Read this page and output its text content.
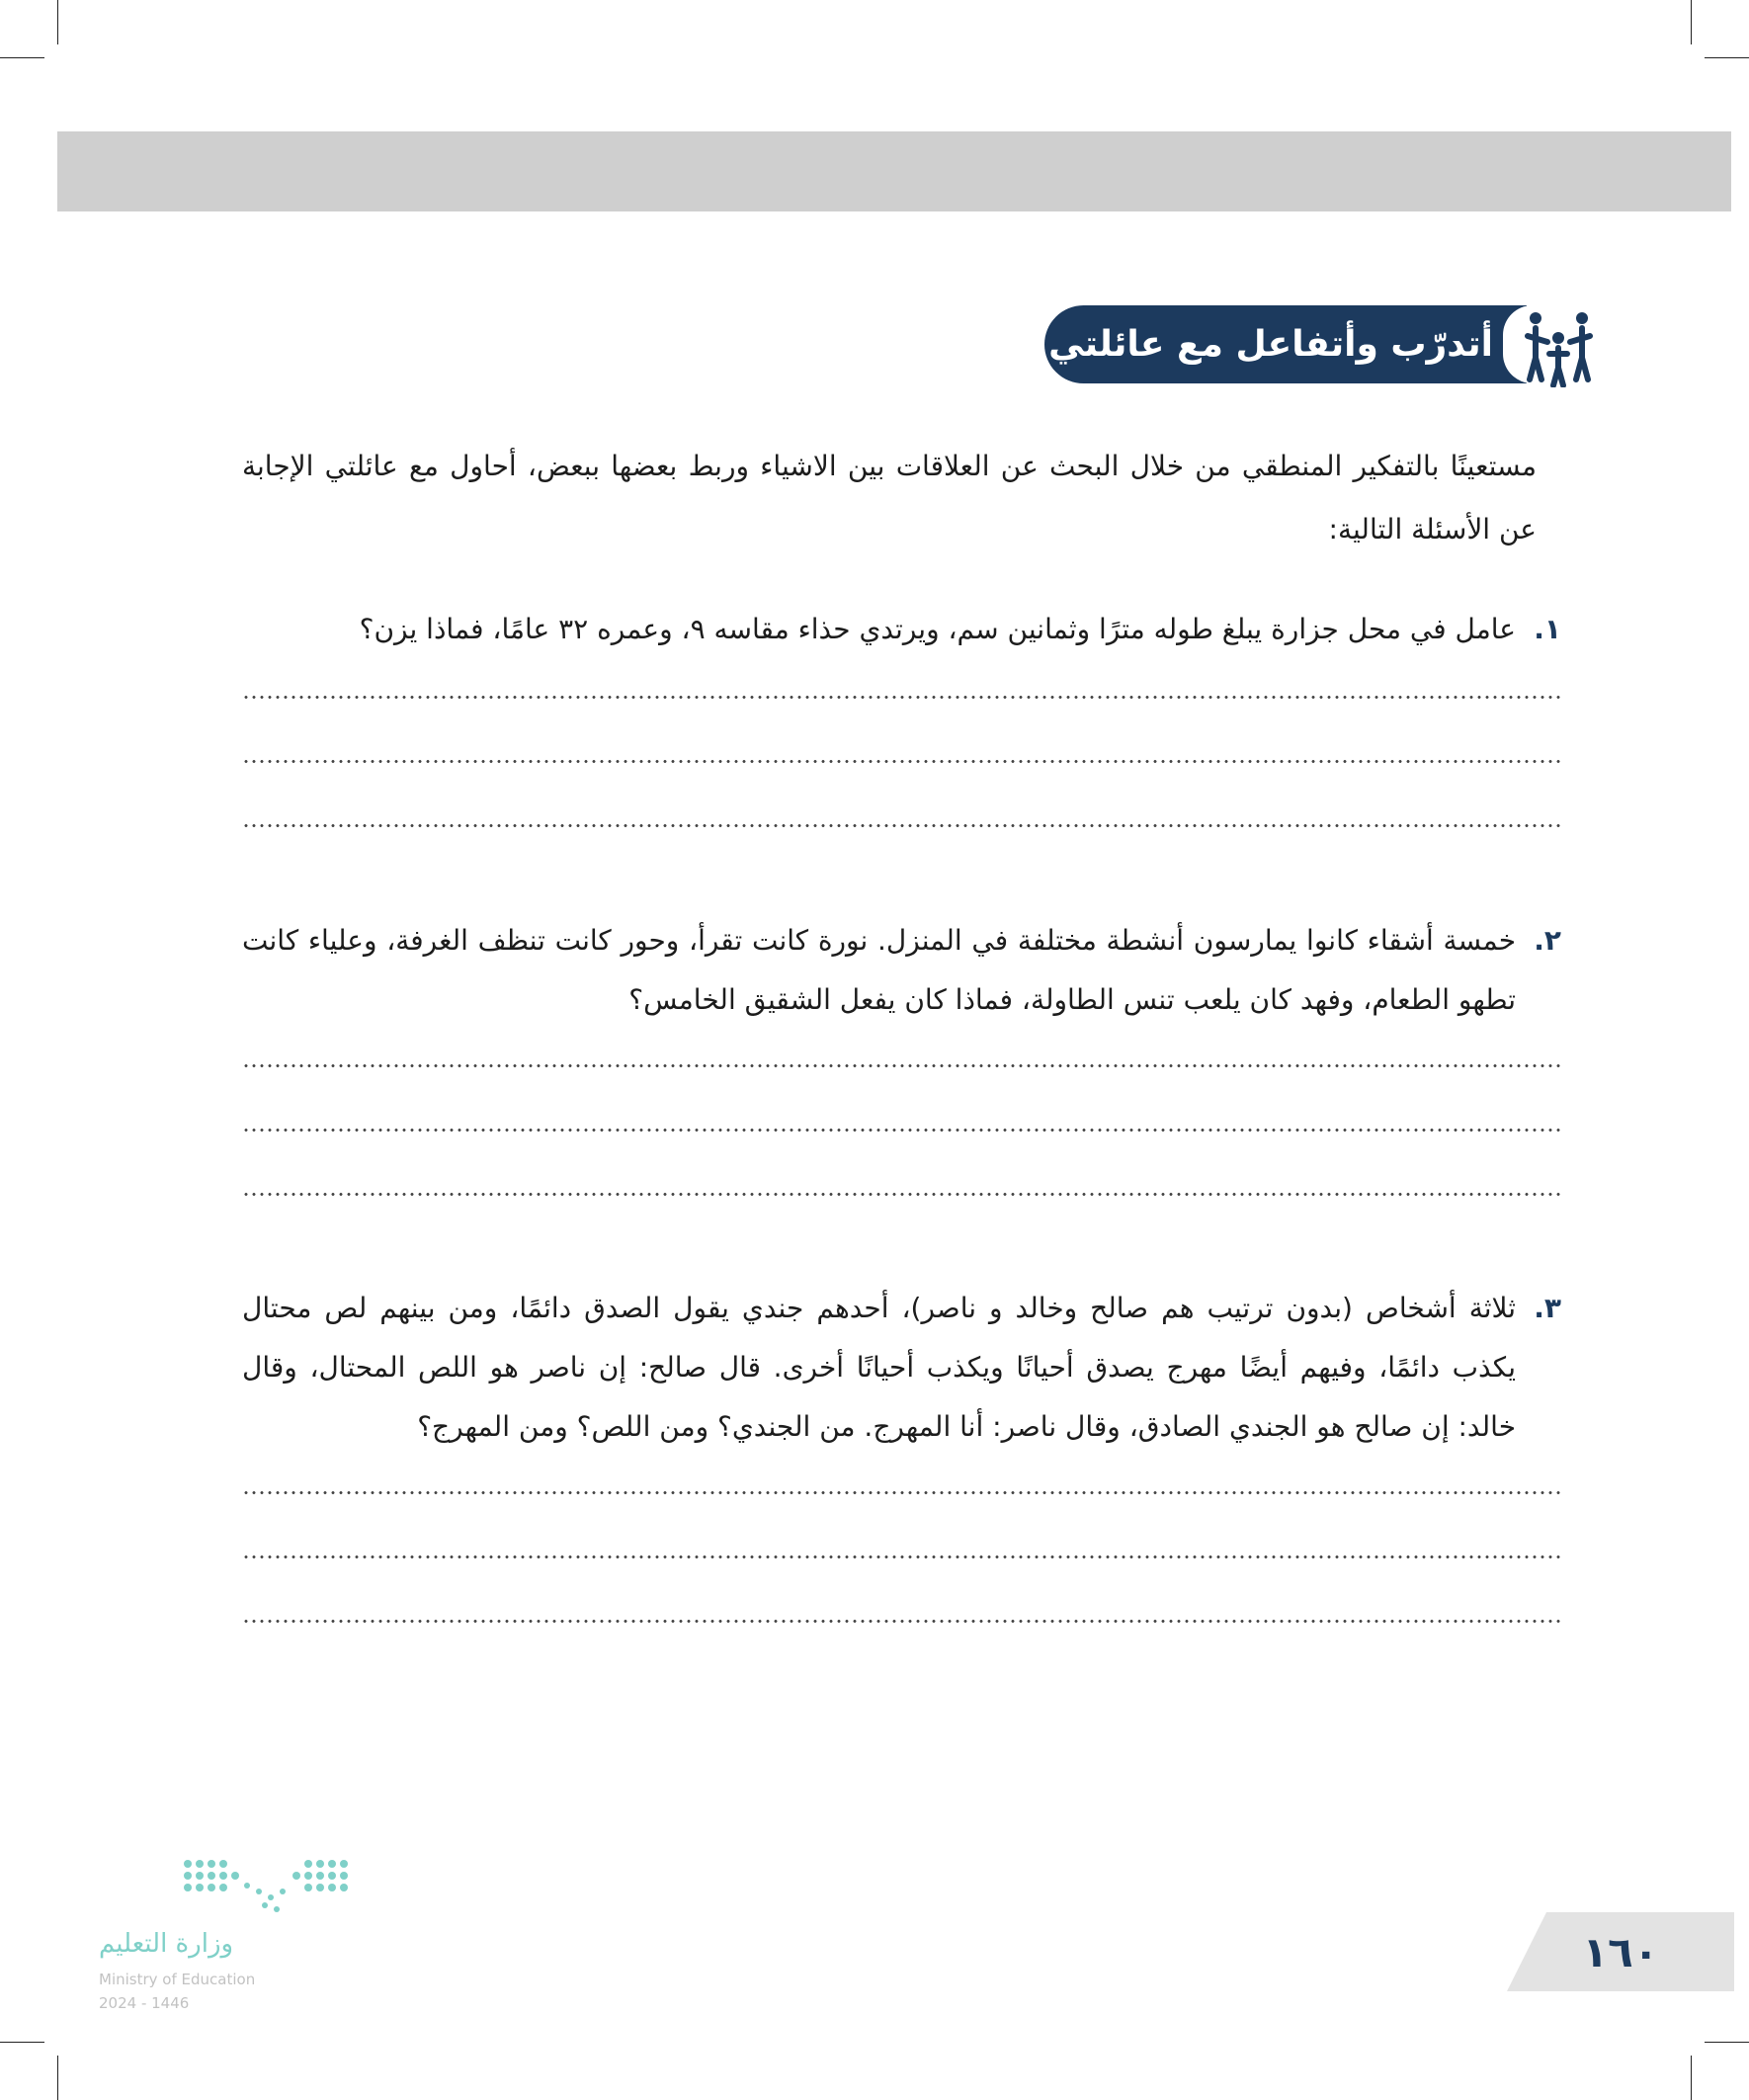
أتدرّب وأتفاعل مع عائلتي
مستعينًا بالتفكير المنطقي من خلال البحث عن العلاقات بين الاشياء وربط بعضها ببعض، أحاول مع عائلتي الإجابة عن الأسئلة التالية:
١.
عامل في محل جزارة يبلغ طوله مترًا وثمانين سم، ويرتدي حذاء مقاسه ٩، وعمره ٣٢ عامًا، فماذا يزن؟
٢.
خمسة أشقاء كانوا يمارسون أنشطة مختلفة في المنزل. نورة كانت تقرأ، وحور كانت تنظف الغرفة، وعلياء كانت تطهو الطعام، وفهد كان يلعب تنس الطاولة، فماذا كان يفعل الشقيق الخامس؟
٣.
ثلاثة أشخاص (بدون ترتيب هم صالح وخالد و ناصر)، أحدهم جندي يقول الصدق دائمًا، ومن بينهم لص محتال يكذب دائمًا، وفيهم أيضًا مهرج يصدق أحيانًا ويكذب أحيانًا أخرى. قال صالح: إن ناصر هو اللص المحتال، وقال خالد: إن صالح هو الجندي الصادق، وقال ناصر: أنا المهرج. من الجندي؟ ومن اللص؟ ومن المهرج؟
وزارة التعليم
Ministry of Education
2024 - 1446
١٦٠
